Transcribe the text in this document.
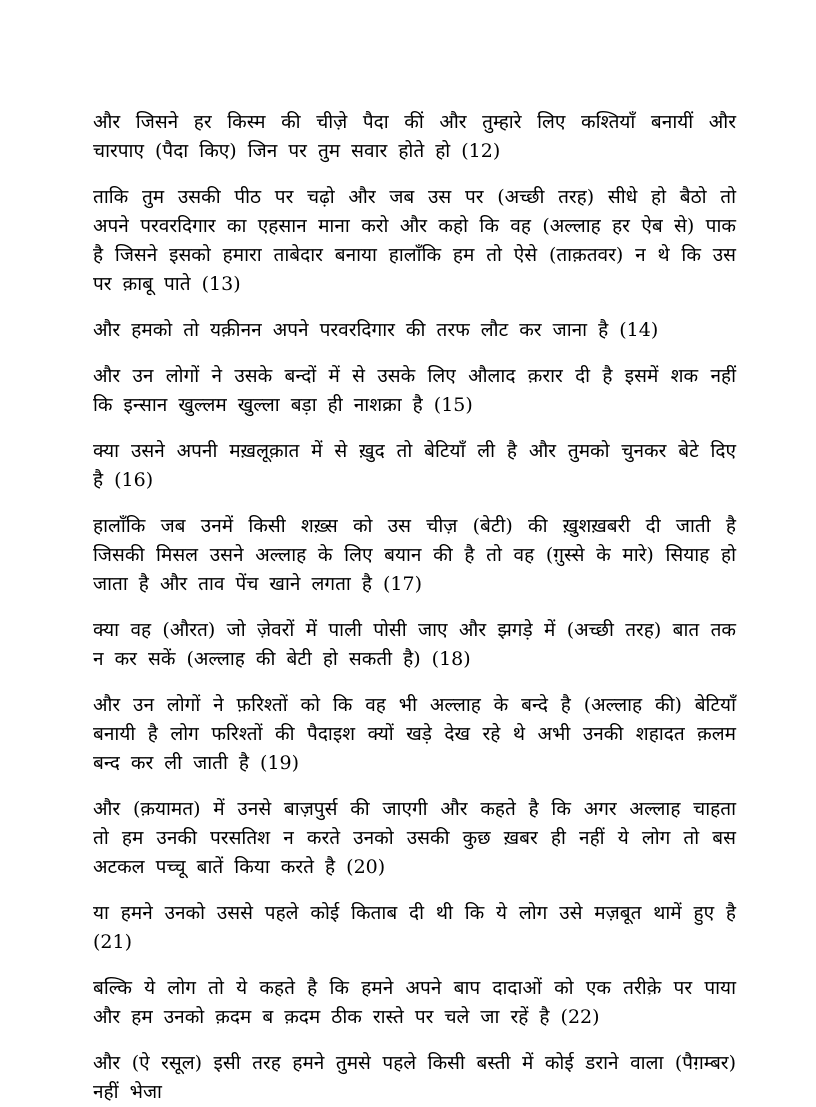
और जिसने हर किस्म की चीज़े पैदा कीं और तुम्हारे लिए कश्तियाँ बनायीं और चारपाए (पैदा किए) जिन पर तुम सवार होते हो (12)

ताकि तुम उसकी पीठ पर चढ़ो और जब उस पर (अच्छी तरह) सीधे हो बैठो तो अपने परवरदिगार का एहसान माना करो और कहो कि वह (अल्लाह हर ऐब से) पाक है जिसने इसको हमारा ताबेदार बनाया हालाँकि हम तो ऐसे (ताक़तवर) न थे कि उस पर क़ाबू पाते (13)

और हमको तो यक़ीनन अपने परवरदिगार की तरफ लौट कर जाना है (14)

और उन लोगों ने उसके बन्दों में से उसके लिए औलाद क़रार दी है इसमें शक नहीं कि इन्सान खुल्लम खुल्ला बड़ा ही नाशक्रा है (15)

क्या उसने अपनी मख़लूक़ात में से ख़ुद तो बेटियाँ ली है और तुमको चुनकर बेटे दिए है (16)

हालाँकि जब उनमें किसी शख़्स को उस चीज़ (बेटी) की ख़ुशख़बरी दी जाती है जिसकी मिसल उसने अल्लाह के लिए बयान की है तो वह (ग़ुस्से के मारे) सियाह हो जाता है और ताव पेंच खाने लगता है (17)

क्या वह (औरत) जो ज़ेवरों में पाली पोसी जाए और झगड़े में (अच्छी तरह) बात तक न कर सकें (अल्लाह की बेटी हो सकती है) (18)

और उन लोगों ने फ़रिश्तों को कि वह भी अल्लाह के बन्दे है (अल्लाह की) बेटियाँ बनायी है लोग फरिश्तों की पैदाइश क्यों खड़े देख रहे थे अभी उनकी शहादत क़लम बन्द कर ली जाती है (19)

और (क़यामत) में उनसे बाज़पुर्स की जाएगी और कहते है कि अगर अल्लाह चाहता तो हम उनकी परसतिश न करते उनको उसकी कुछ ख़बर ही नहीं ये लोग तो बस अटकल पच्चू बातें किया करते है (20)

या हमने उनको उससे पहले कोई किताब दी थी कि ये लोग उसे मज़बूत थामें हुए है (21)

बल्कि ये लोग तो ये कहते है कि हमने अपने बाप दादाओं को एक तरीक़े पर पाया और हम उनको क़दम ब क़दम ठीक रास्ते पर चले जा रहें है (22)

और (ऐ रसूल) इसी तरह हमने तुमसे पहले किसी बस्ती में कोई डराने वाला (पैग़म्बर) नहीं भेजा
